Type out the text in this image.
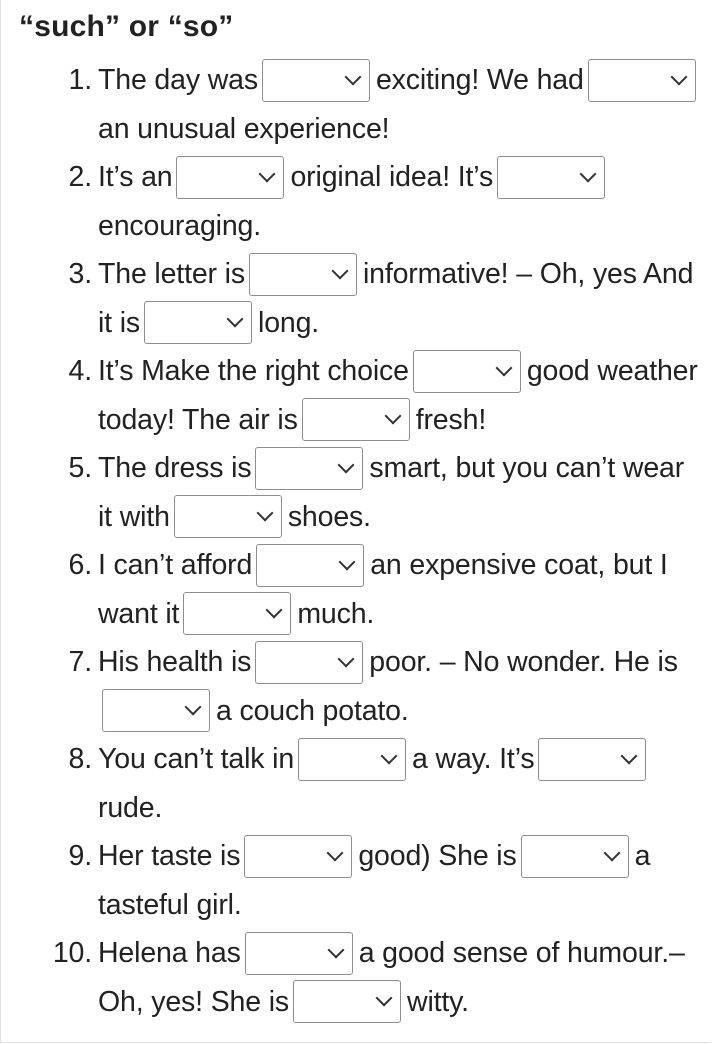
“such” or “so”
1. The day was	exciting! We had
an unusual experience!
2. It’s an	original idea! It’s
encouraging.
3. The letter is	informative! – Oh, yes And it is	long.
4. It’s Make the right choice	good weather today! The air is	fresh!
5. The dress is	smart, but you can’t wear it with	shoes.
6. I can’t afford	an expensive coat, but I want it	much.
7. His health is	poor. – No wonder. He is
a couch potato.
8. You can’t talk in	a way. It’s
rude.
9. Her taste is	good) She is	a tasteful girl.
10. Helena has	a good sense of humour.– Oh, yes! She is	witty.
